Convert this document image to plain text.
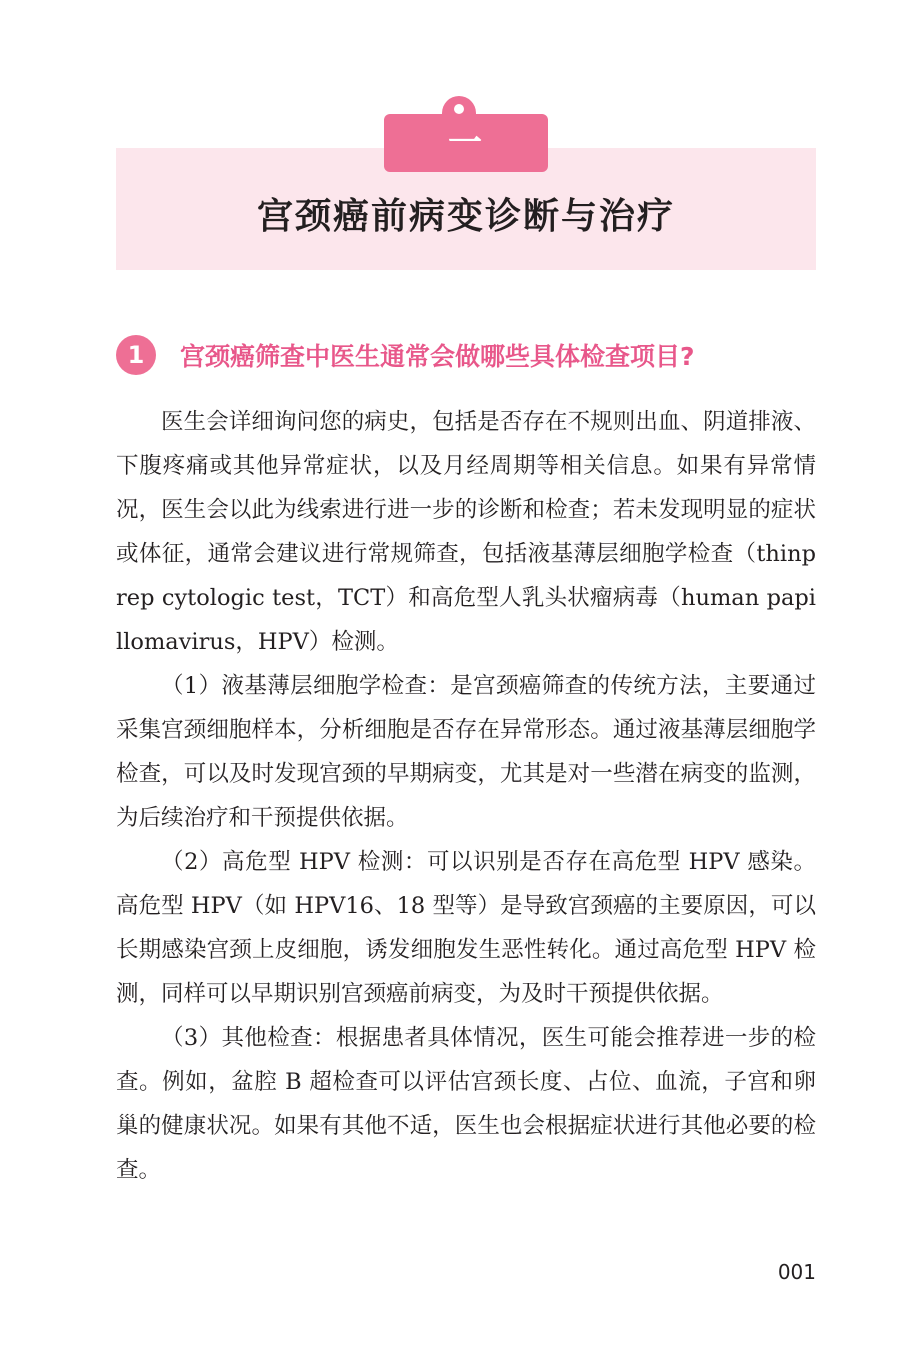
一
宫颈癌前病变诊断与治疗
1	宫颈癌筛查中医生通常会做哪些具体检查项目?

医生会详细询问您的病史，包括是否存在不规则出血、阴道排液、下腹疼痛或其他异常症状，以及月经周期等相关信息。如果有异常情况，医生会以此为线索进行进一步的诊断和检查；若未发现明显的症状或体征，通常会建议进行常规筛查，包括液基薄层细胞学检查（thinprep cytologic test，TCT）和高危型人乳头状瘤病毒（human papillomavirus，HPV）检测。

（1）液基薄层细胞学检查：是宫颈癌筛查的传统方法，主要通过采集宫颈细胞样本，分析细胞是否存在异常形态。通过液基薄层细胞学检查，可以及时发现宫颈的早期病变，尤其是对一些潜在病变的监测，为后续治疗和干预提供依据。

（2）高危型 HPV 检测：可以识别是否存在高危型 HPV 感染。高危型 HPV（如 HPV16、18 型等）是导致宫颈癌的主要原因，可以长期感染宫颈上皮细胞，诱发细胞发生恶性转化。通过高危型 HPV 检测，同样可以早期识别宫颈癌前病变，为及时干预提供依据。

（3）其他检查：根据患者具体情况，医生可能会推荐进一步的检查。例如，盆腔 B 超检查可以评估宫颈长度、占位、血流，子宫和卵巢的健康状况。如果有其他不适，医生也会根据症状进行其他必要的检查。

001
